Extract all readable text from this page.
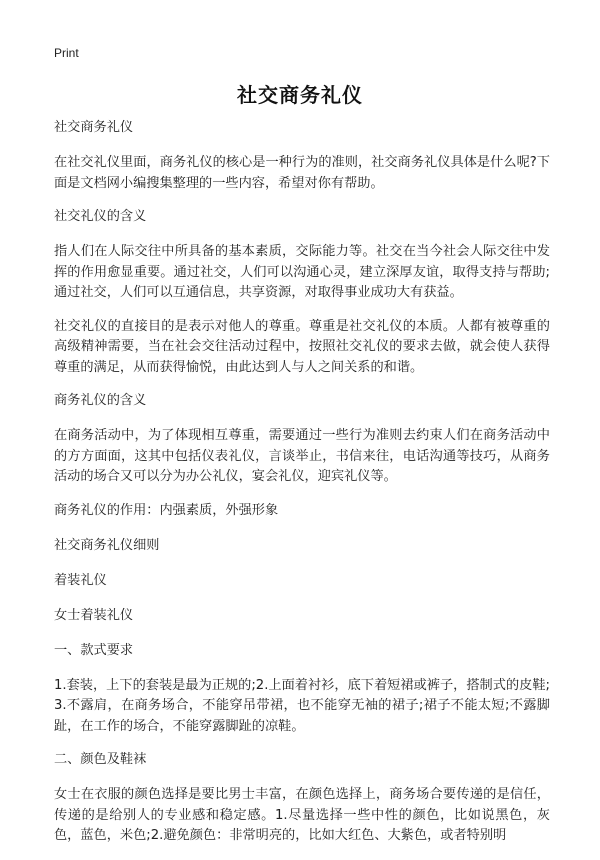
Print
社交商务礼仪

社交商务礼仪

在社交礼仪里面，商务礼仪的核心是一种行为的准则，社交商务礼仪具体是什么呢?下面是文档网小编搜集整理的一些内容，希望对你有帮助。

社交礼仪的含义

指人们在人际交往中所具备的基本素质，交际能力等。社交在当今社会人际交往中发挥的作用愈显重要。通过社交，人们可以沟通心灵，建立深厚友谊，取得支持与帮助;通过社交，人们可以互通信息，共享资源，对取得事业成功大有获益。

社交礼仪的直接目的是表示对他人的尊重。尊重是社交礼仪的本质。人都有被尊重的高级精神需要，当在社会交往活动过程中，按照社交礼仪的要求去做，就会使人获得尊重的满足，从而获得愉悦，由此达到人与人之间关系的和谐。

商务礼仪的含义

在商务活动中，为了体现相互尊重，需要通过一些行为准则去约束人们在商务活动中的方方面面，这其中包括仪表礼仪，言谈举止，书信来往，电话沟通等技巧，从商务活动的场合又可以分为办公礼仪，宴会礼仪，迎宾礼仪等。

商务礼仪的作用：内强素质，外强形象

社交商务礼仪细则

着装礼仪

女士着装礼仪

一、款式要求

1.套装，上下的套装是最为正规的;2.上面着衬衫，底下着短裙或裤子，搭制式的皮鞋;3.不露肩，在商务场合，不能穿吊带裙，也不能穿无袖的裙子;裙子不能太短;不露脚趾，在工作的场合，不能穿露脚趾的凉鞋。

二、颜色及鞋袜

女士在衣服的颜色选择是要比男士丰富，在颜色选择上，商务场合要传递的是信任，传递的是给别人的专业感和稳定感。1.尽量选择一些中性的颜色，比如说黑色，灰色，蓝色，米色;2.避免颜色：非常明亮的，比如大红色、大紫色，或者特别明
